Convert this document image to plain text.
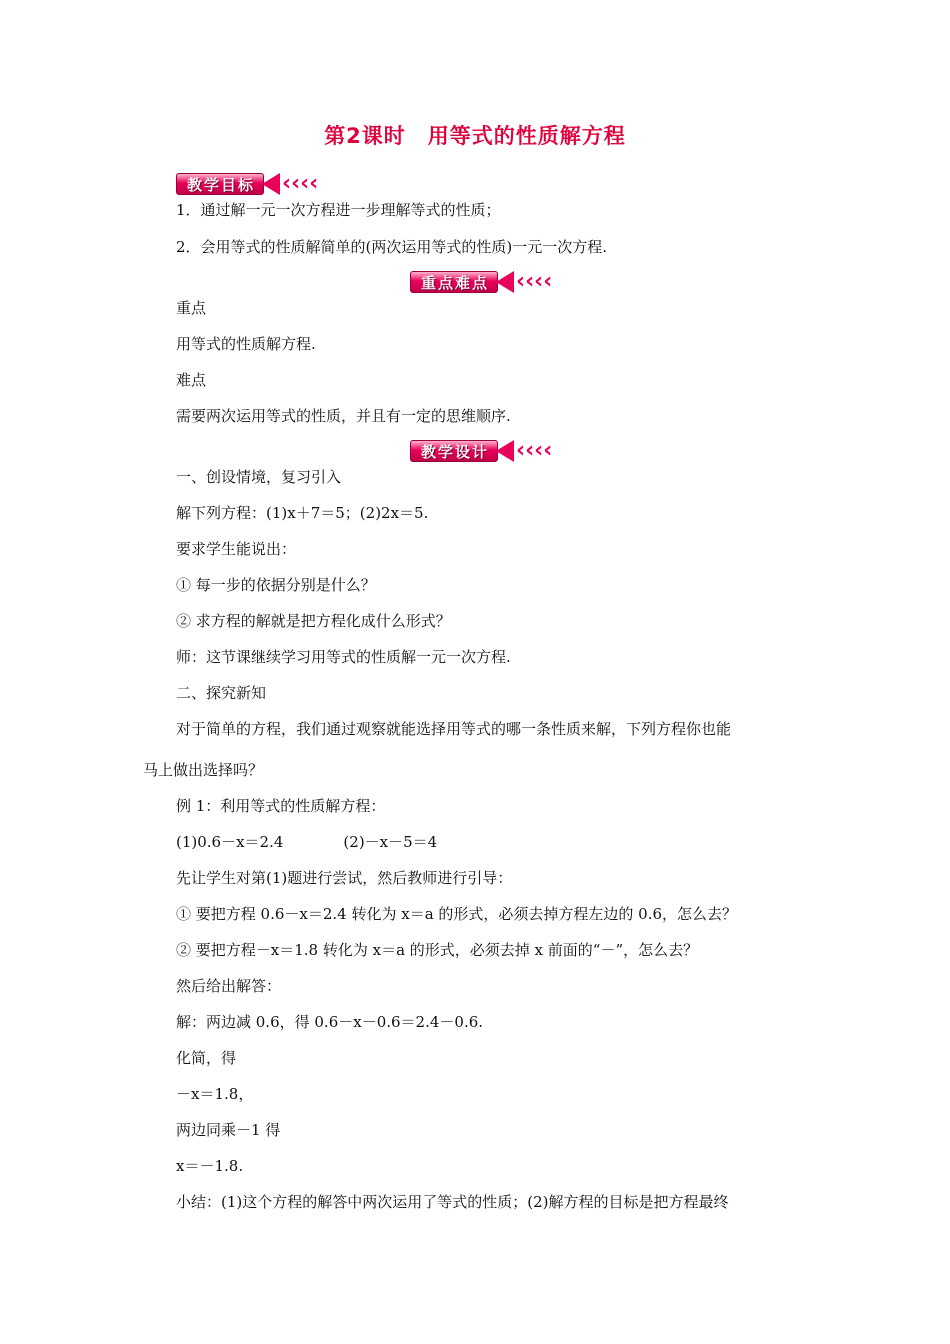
第2课时　用等式的性质解方程
教学目标	‹‹‹‹
1．通过解一元一次方程进一步理解等式的性质；
2．会用等式的性质解简单的(两次运用等式的性质)一元一次方程.
重点难点	‹‹‹‹
重点
用等式的性质解方程.
难点
需要两次运用等式的性质，并且有一定的思维顺序.
教学设计	‹‹‹‹
一、创设情境，复习引入
解下列方程：(1)x＋7＝5；(2)2x＝5.
要求学生能说出：
① 每一步的依据分别是什么？
② 求方程的解就是把方程化成什么形式？
师：这节课继续学习用等式的性质解一元一次方程.
二、探究新知
对于简单的方程，我们通过观察就能选择用等式的哪一条性质来解，下列方程你也能
马上做出选择吗？
例 1：利用等式的性质解方程：
(1)0.6－x＝2.4　　　　(2)－x－5＝4
先让学生对第(1)题进行尝试，然后教师进行引导：
① 要把方程 0.6－x＝2.4 转化为 x＝a 的形式，必须去掉方程左边的 0.6，怎么去？
② 要把方程－x＝1.8 转化为 x＝a 的形式，必须去掉 x 前面的“－”，怎么去？
然后给出解答：
解：两边减 0.6，得 0.6－x－0.6＝2.4－0.6.
化简，得
－x＝1.8，
两边同乘－1 得
x＝－1.8.
小结：(1)这个方程的解答中两次运用了等式的性质；(2)解方程的目标是把方程最终
